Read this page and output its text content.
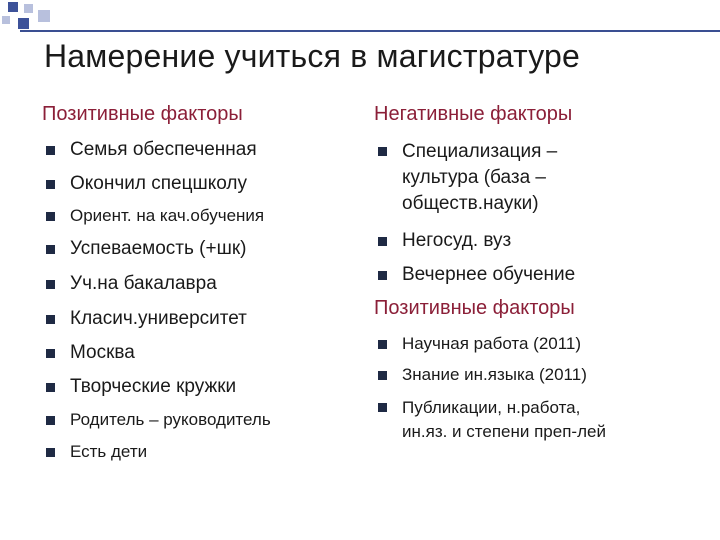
Намерение учиться в магистратуре
Позитивные факторы
Семья обеспеченная
Окончил спецшколу
Ориент. на кач.обучения
Успеваемость (+шк)
Уч.на бакалавра
Класич.университет
Москва
Творческие кружки
Родитель – руководитель
Есть дети
Негативные факторы
Специализация –
культура (база –
обществ.науки)
Негосуд. вуз
Вечернее обучение
Позитивные факторы
Научная работа (2011)
Знание ин.языка (2011)
Публикации, н.работа,
ин.яз. и степени преп-лей
